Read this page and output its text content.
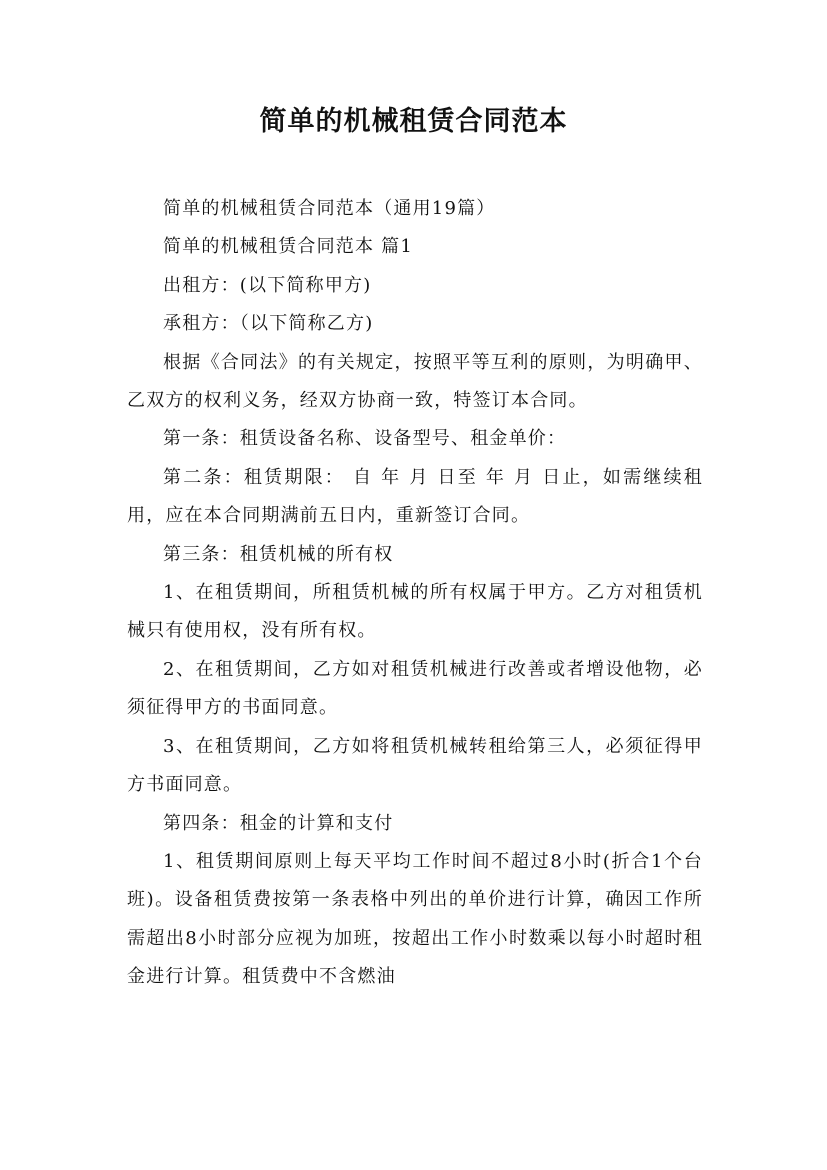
简单的机械租赁合同范本

简单的机械租赁合同范本（通用19篇）

简单的机械租赁合同范本 篇1

出租方：(以下简称甲方)

承租方：（以下简称乙方)

根据《合同法》的有关规定，按照平等互利的原则，为明确甲、乙双方的权利义务，经双方协商一致，特签订本合同。

第一条：租赁设备名称、设备型号、租金单价：

第二条：租赁期限： 自 年 月 日至 年 月 日止，如需继续租用，应在本合同期满前五日内，重新签订合同。

第三条：租赁机械的所有权

1、在租赁期间，所租赁机械的所有权属于甲方。乙方对租赁机械只有使用权，没有所有权。

2、在租赁期间，乙方如对租赁机械进行改善或者增设他物，必须征得甲方的书面同意。

3、在租赁期间，乙方如将租赁机械转租给第三人，必须征得甲方书面同意。

第四条：租金的计算和支付

1、租赁期间原则上每天平均工作时间不超过8小时(折合1个台班)。设备租赁费按第一条表格中列出的单价进行计算，确因工作所需超出8小时部分应视为加班，按超出工作小时数乘以每小时超时租金进行计算。租赁费中不含燃油
